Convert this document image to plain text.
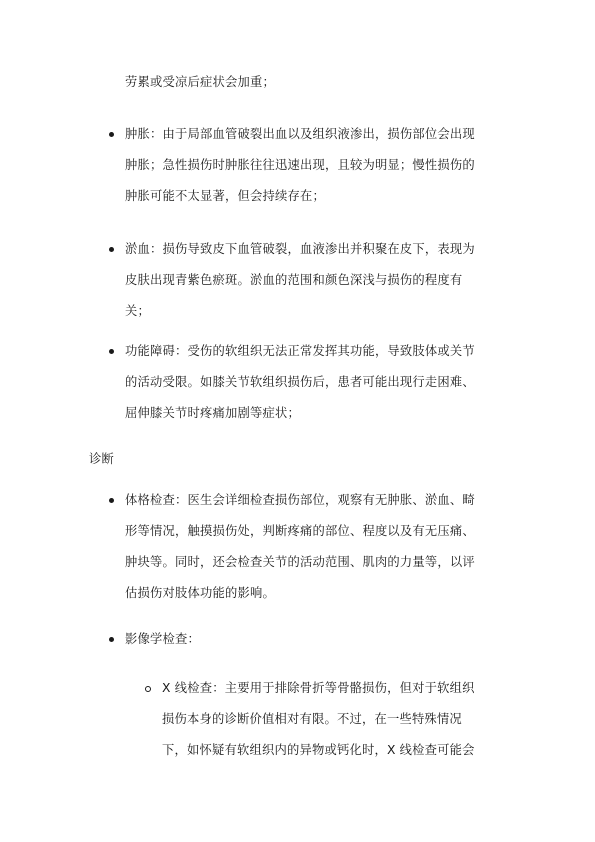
劳累或受凉后症状会加重；
肿胀：由于局部血管破裂出血以及组织液渗出，损伤部位会出现
肿胀；急性损伤时肿胀往往迅速出现，且较为明显；慢性损伤的
肿胀可能不太显著，但会持续存在；
淤血：损伤导致皮下血管破裂，血液渗出并积聚在皮下，表现为
皮肤出现青紫色瘀斑。淤血的范围和颜色深浅与损伤的程度有
关；
功能障碍：受伤的软组织无法正常发挥其功能，导致肢体或关节
的活动受限。如膝关节软组织损伤后，患者可能出现行走困难、
屈伸膝关节时疼痛加剧等症状；
诊断
体格检查：医生会详细检查损伤部位，观察有无肿胀、淤血、畸
形等情况，触摸损伤处，判断疼痛的部位、程度以及有无压痛、
肿块等。同时，还会检查关节的活动范围、肌肉的力量等，以评
估损伤对肢体功能的影响。
影像学检查：
X 线检查：主要用于排除骨折等骨骼损伤，但对于软组织
损伤本身的诊断价值相对有限。不过，在一些特殊情况
下，如怀疑有软组织内的异物或钙化时，X 线检查可能会
